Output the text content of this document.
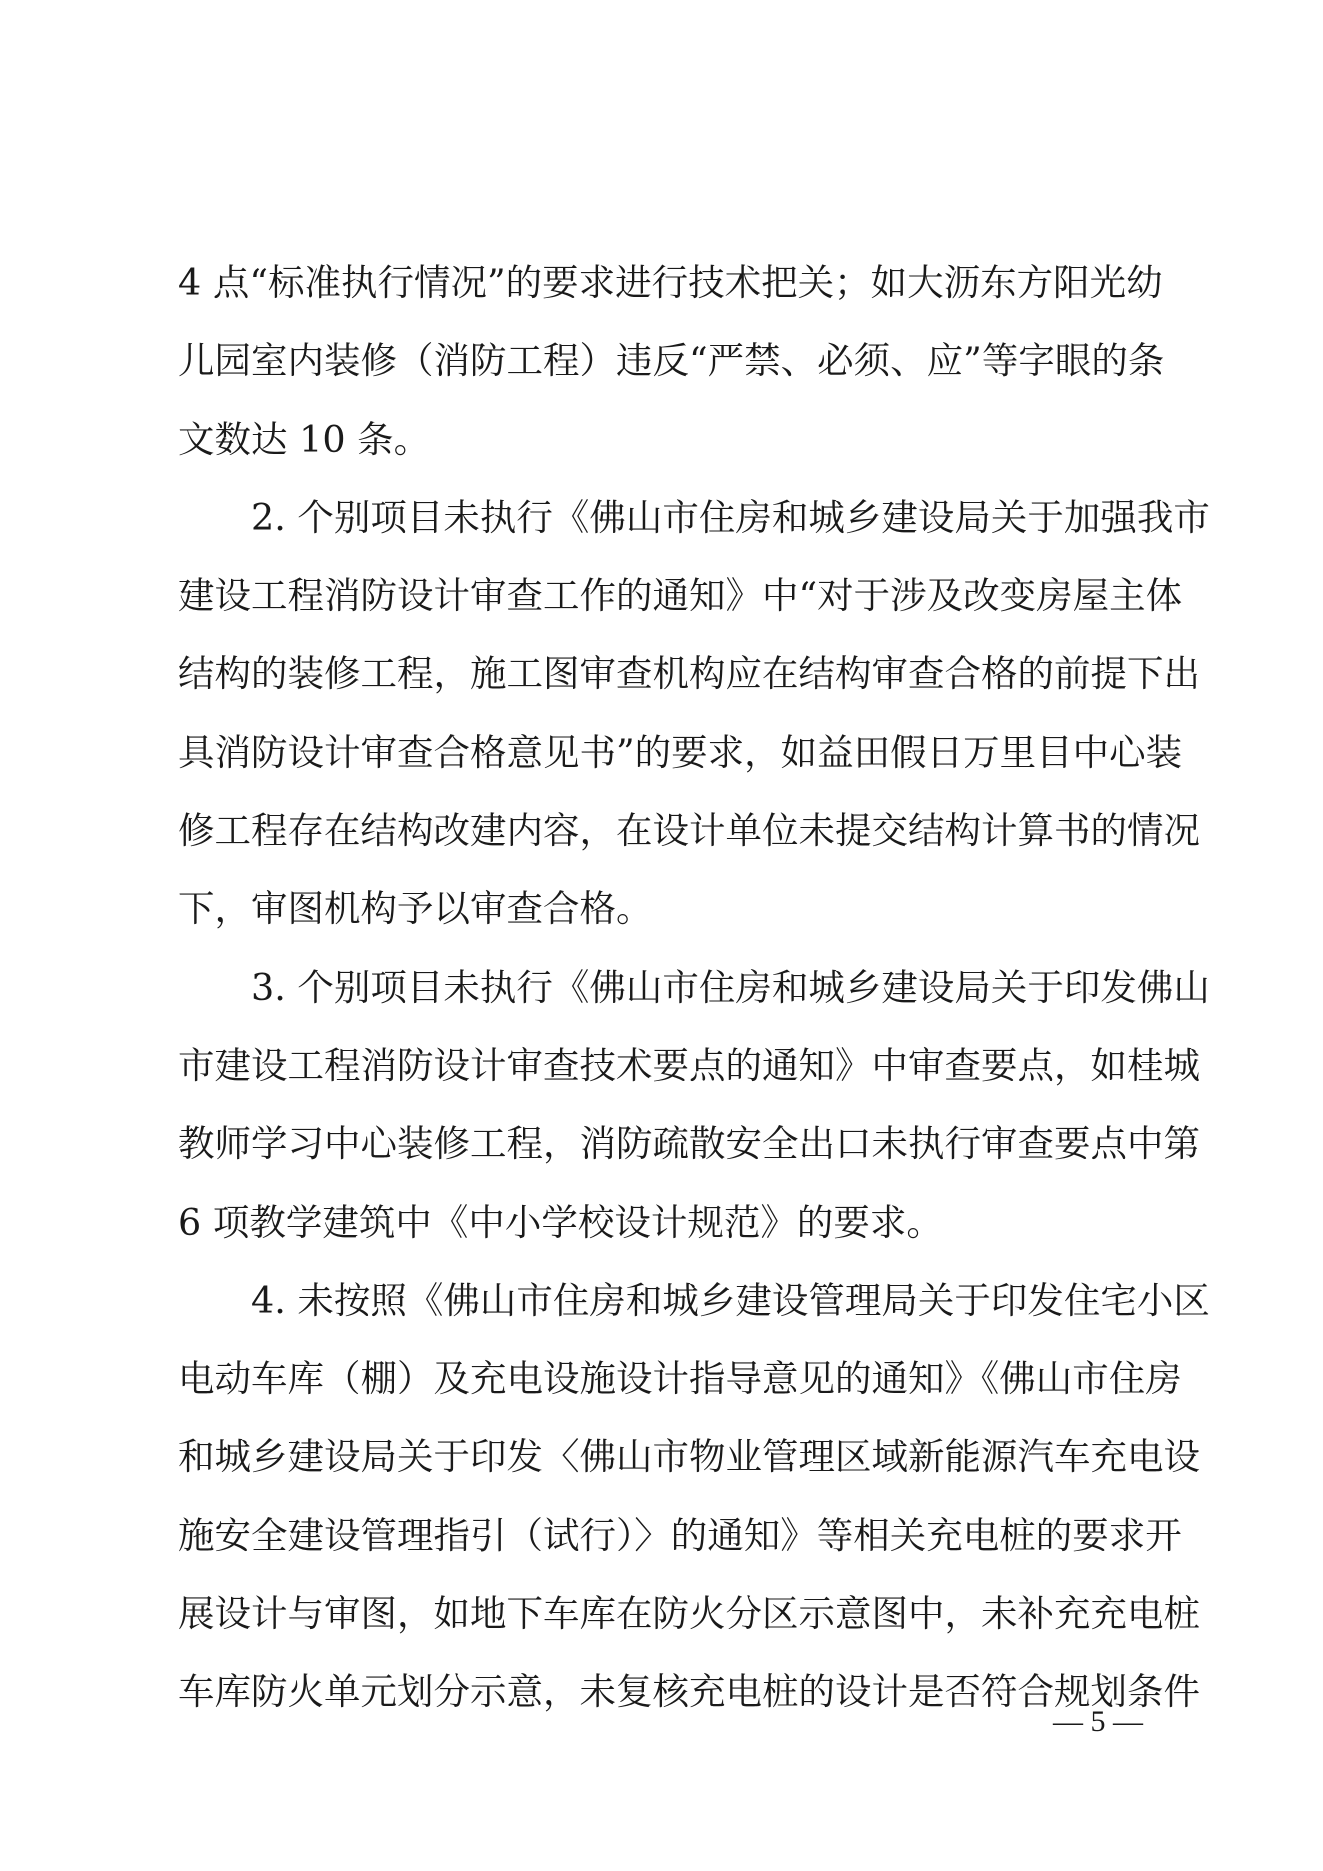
4 点“标准执行情况”的要求进行技术把关；如大沥东方阳光幼
儿园室内装修（消防工程）违反“严禁、必须、应”等字眼的条
文数达 10 条。
　　2. 个别项目未执行《佛山市住房和城乡建设局关于加强我市
建设工程消防设计审查工作的通知》中“对于涉及改变房屋主体
结构的装修工程，施工图审查机构应在结构审查合格的前提下出
具消防设计审查合格意见书”的要求，如益田假日万里目中心装
修工程存在结构改建内容，在设计单位未提交结构计算书的情况
下，审图机构予以审查合格。
　　3. 个别项目未执行《佛山市住房和城乡建设局关于印发佛山
市建设工程消防设计审查技术要点的通知》中审查要点，如桂城
教师学习中心装修工程，消防疏散安全出口未执行审查要点中第
6 项教学建筑中《中小学校设计规范》的要求。
　　4. 未按照《佛山市住房和城乡建设管理局关于印发住宅小区
电动车库（棚）及充电设施设计指导意见的通知》《佛山市住房
和城乡建设局关于印发〈佛山市物业管理区域新能源汽车充电设
施安全建设管理指引（试行）〉的通知》等相关充电桩的要求开
展设计与审图，如地下车库在防火分区示意图中，未补充充电桩
车库防火单元划分示意，未复核充电桩的设计是否符合规划条件
— 5 —
